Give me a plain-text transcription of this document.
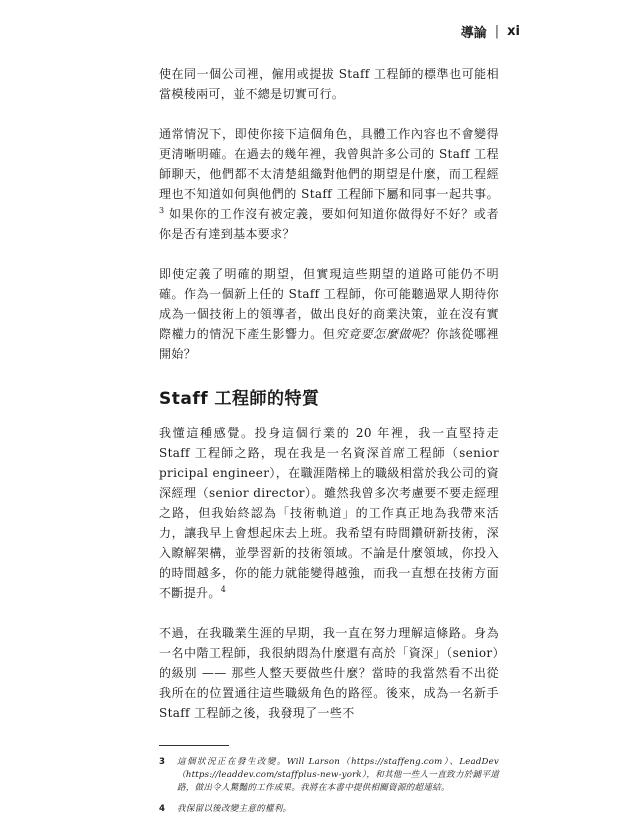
導論 | xi

使在同一個公司裡，僱用或提拔 Staff 工程師的標準也可能相當模稜兩可，並不總是切實可行。

通常情況下，即使你接下這個角色，具體工作內容也不會變得更清晰明確。在過去的幾年裡，我曾與許多公司的 Staff 工程師聊天，他們都不太清楚組織對他們的期望是什麼，而工程經理也不知道如何與他們的 Staff 工程師下屬和同事一起共事。$^3$ 如果你的工作沒有被定義，要如何知道你做得好不好？或者你是否有達到基本要求？

即使定義了明確的期望，但實現這些期望的道路可能仍不明確。作為一個新上任的 Staff 工程師，你可能聽過眾人期待你成為一個技術上的領導者，做出良好的商業決策，並在沒有實際權力的情況下產生影響力。但究竟要怎麼做呢？你該從哪裡開始？

Staff 工程師的特質

我懂這種感覺。投身這個行業的 20 年裡，我一直堅持走 Staff 工程師之路，現在我是一名資深首席工程師（senior pricipal engineer），在職涯階梯上的職級相當於我公司的資深經理（senior director）。雖然我曾多次考慮要不要走經理之路，但我始終認為「技術軌道」的工作真正地為我帶來活力，讓我早上會想起床去上班。我希望有時間鑽研新技術，深入瞭解架構，並學習新的技術領域。不論是什麼領域，你投入的時間越多，你的能力就能變得越強，而我一直想在技術方面不斷提升。$^4$

不過，在我職業生涯的早期，我一直在努力理解這條路。身為一名中階工程師，我很納悶為什麼還有高於「資深」（senior）的級別 —— 那些人整天要做些什麼？當時的我當然看不出從我所在的位置通往這些職級角色的路徑。後來，成為一名新手 Staff 工程師之後，我發現了一些不

3	這個狀況正在發生改變。Will Larson（https://staffeng.com）、LeadDev（https://leaddev.com/staffplus-new-york），和其他一些人一直致力於鋪平道路，做出令人驚豔的工作成果。我將在本書中提供相關資源的超連結。
4	我保留以後改變主意的權利。
